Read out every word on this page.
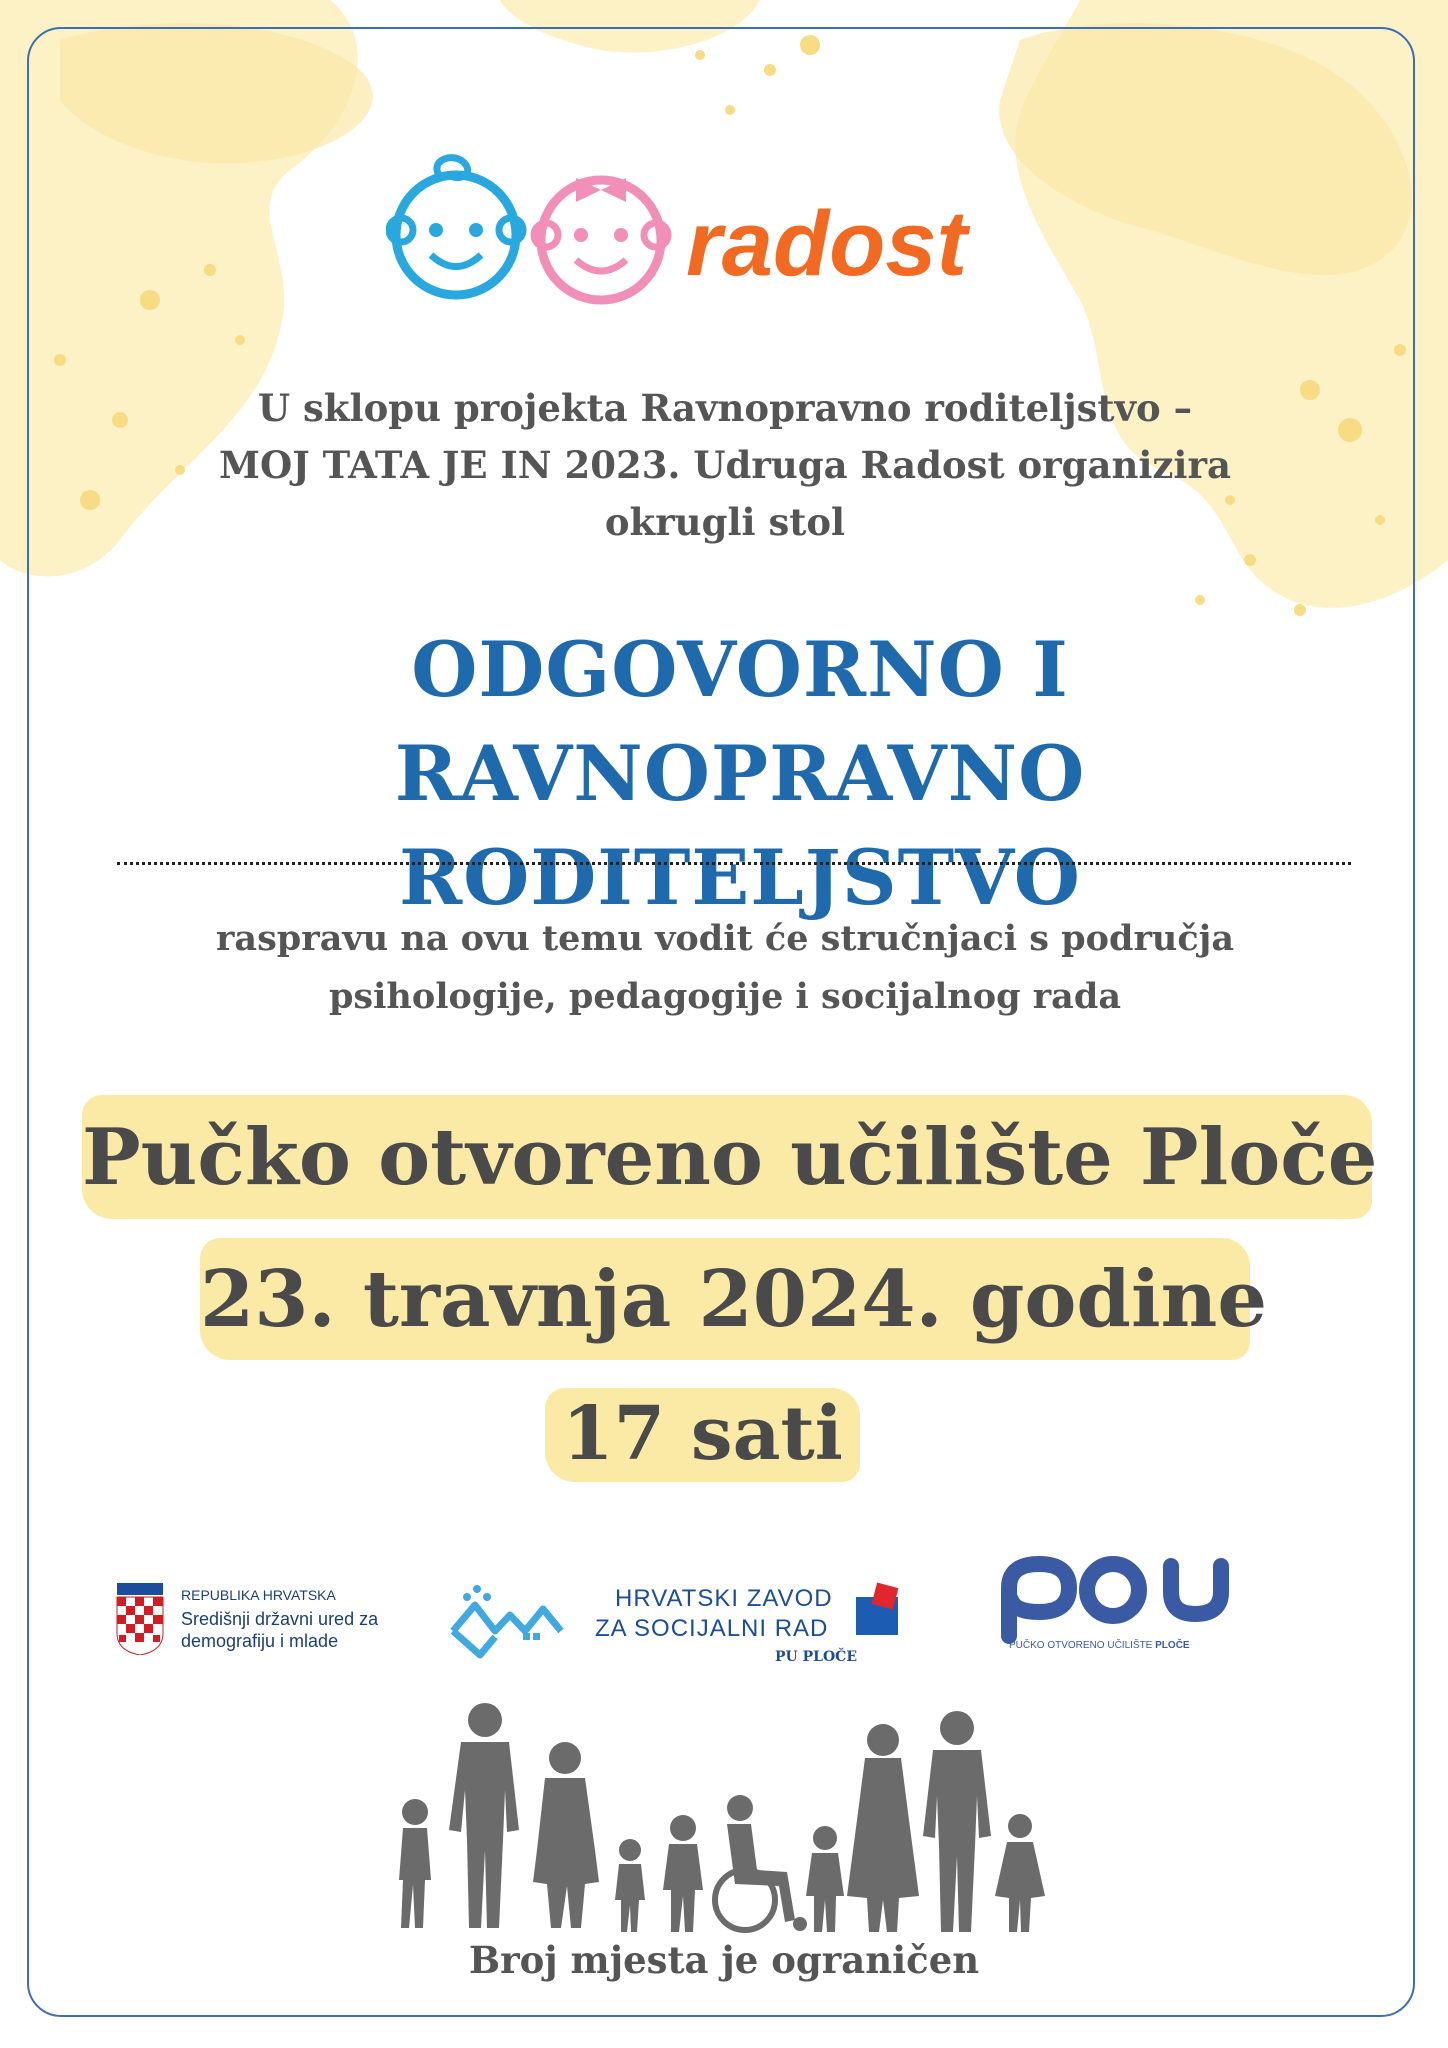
radost
U sklopu projekta Ravnopravno roditeljstvo –
MOJ TATA JE IN 2023. Udruga Radost organizira
okrugli stol
ODGOVORNO I
RAVNOPRAVNO RODITELJSTVO
raspravu na ovu temu vodit će stručnjaci s područja
psihologije, pedagogije i socijalnog rada
Pučko otvoreno učilište Ploče
23. travnja 2024. godine
17 sati
REPUBLIKA HRVATSKA
Središnji državni ured za
demografiju i mlade
HRVATSKI ZAVOD
ZA SOCIJALNI RAD
PU PLOČE
PUČKO OTVORENO UČILIŠTE PLOČE
Broj mjesta je ograničen
